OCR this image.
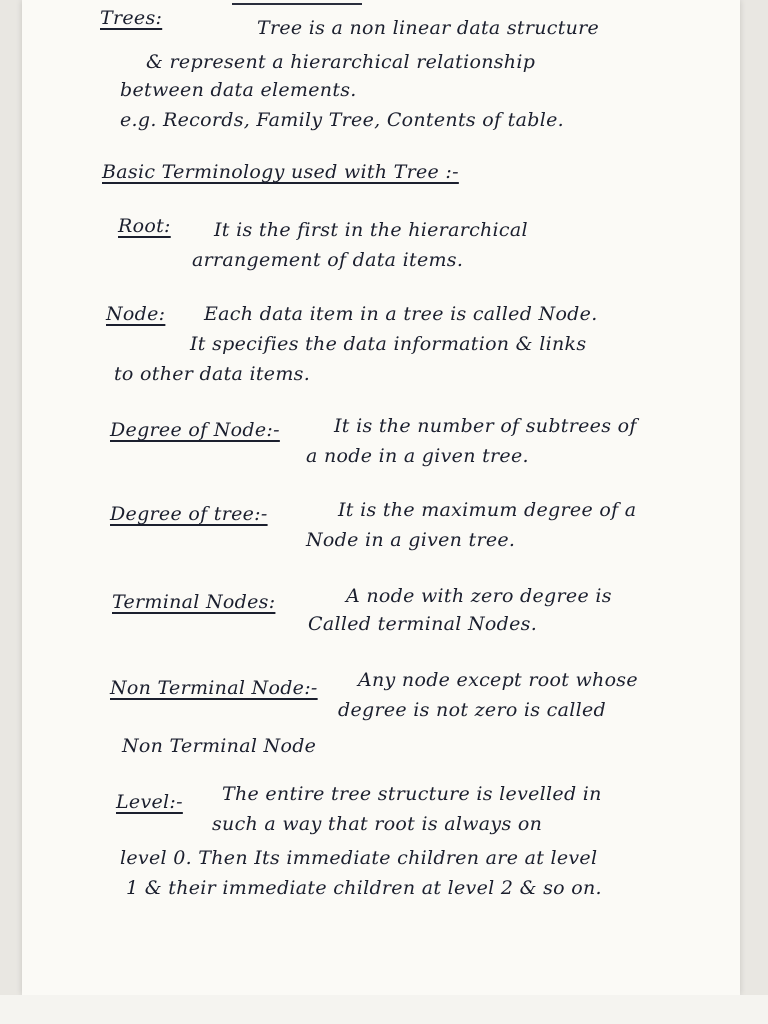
Trees:	Tree is a non linear data structure
& represent a hierarchical relationship
between data elements.
e.g. Records, Family Tree, Contents of table.
Basic Terminology used with Tree :-
Root: It is the first in the hierarchical
arrangement of data items.
Node: Each data item in a tree is called Node.
It specifies the data information & links
to other data items.
Degree of Node:-	It is the number of subtrees of
a node in a given tree.
Degree of tree:-	It is the maximum degree of a
Node in a given tree.
Terminal Nodes:	A node with zero degree is
Called terminal Nodes.
Non Terminal Node:- Any node except root whose
degree is not zero is called
Non Terminal Node
Level:- The entire tree structure is levelled in
such a way that root is always on
level 0. Then Its immediate children are at level
1 & their immediate children at level 2 & so on.
